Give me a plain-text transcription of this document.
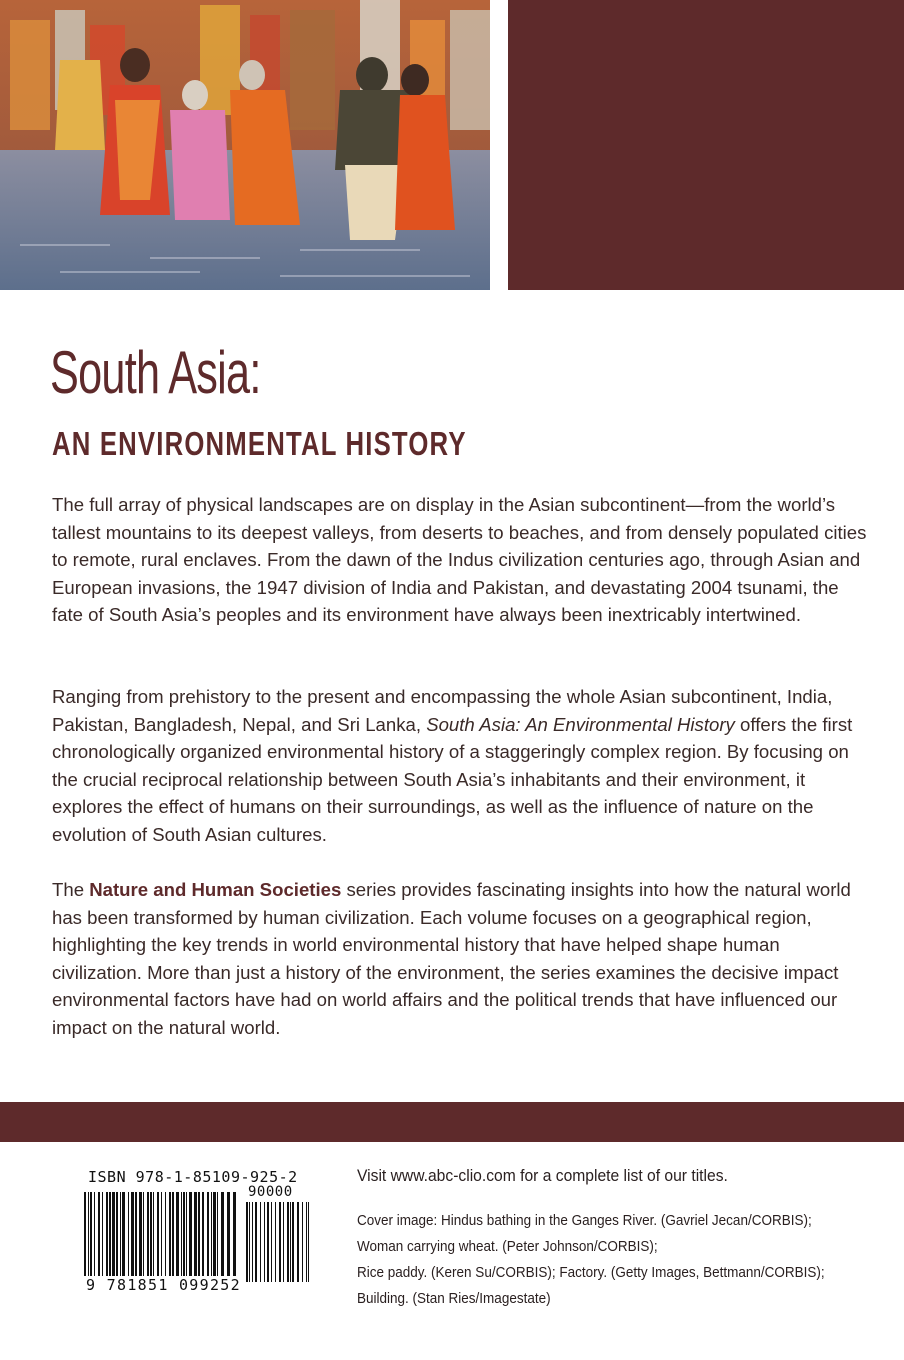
South Asia:
AN ENVIRONMENTAL HISTORY

The full array of physical landscapes are on display in the Asian subcontinent—from the world’s tallest mountains to its deepest valleys, from deserts to beaches, and from densely populated cities to remote, rural enclaves. From the dawn of the Indus civilization centuries ago, through Asian and European invasions, the 1947 division of India and Pakistan, and devastating 2004 tsunami, the fate of South Asia’s peoples and its environment have always been inextricably intertwined.

Ranging from prehistory to the present and encompassing the whole Asian subcontinent, India, Pakistan, Bangladesh, Nepal, and Sri Lanka, South Asia: An Environmental History offers the first chronologically organized environmental history of a staggeringly complex region. By focusing on the crucial reciprocal relationship between South Asia’s inhabitants and their environment, it explores the effect of humans on their surroundings, as well as the influence of nature on the evolution of South Asian cultures.

The Nature and Human Societies series provides fascinating insights into how the natural world has been transformed by human civilization. Each volume focuses on a geographical region, highlighting the key trends in world environmental history that have helped shape human civilization. More than just a history of the environment, the series examines the decisive impact environmental factors have had on world affairs and the political trends that have influenced our impact on the natural world.

ISBN 978-1-85109-925-2
90000
9 781851 099252
Visit www.abc-clio.com for a complete list of our titles.
Cover image: Hindus bathing in the Ganges River. (Gavriel Jecan/CORBIS);
Woman carrying wheat. (Peter Johnson/CORBIS);
Rice paddy. (Keren Su/CORBIS); Factory. (Getty Images, Bettmann/CORBIS);
Building. (Stan Ries/Imagestate)
